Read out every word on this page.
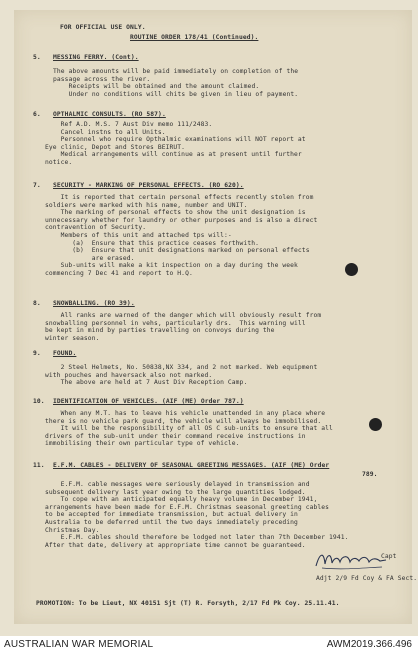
FOR OFFICIAL USE ONLY.
ROUTINE ORDER 178/41 (Continued).
5. MESSING FERRY. (Cont).
The above amounts will be paid immediately on completion of the
passage across the river.
Receipts will be obtained and the amount claimed.
Under no conditions will chits be given in lieu of payment.
6. OPTHALMIC CONSULTS. (RO 587).
Ref A.D. M.S. 7 Aust Div memo 111/2483.
Cancel instns to all Units.
Personnel who require Opthalmic examinations will NOT report at
Eye clinic, Depot and Stores BEIRUT.
Medical arrangements will continue as at present until further
notice.
7. SECURITY - MARKING OF PERSONAL EFFECTS. (RO 620).
It is reported that certain personal effects recently stolen from
soldiers were marked with his name, number and UNIT.
The marking of personal effects to show the unit designation is
unnecessary whether for laundry or other purposes and is also a direct
contravention of Security.
Members of this unit and attached tps will:-
(a)  Ensure that this practice ceases forthwith.
(b)  Ensure that unit designations marked on personal effects
are erased.
Sub-units will make a kit inspection on a day during the week
commencing 7 Dec 41 and report to H.Q.
8. SNOWBALLING. (RO 39).
All ranks are warned of the danger which will obviously result from
snowballing personnel in vehs, particularly drs.  This warning will
be kept in mind by parties travelling on convoys during the
winter season.
9. FOUND.
2 Steel Helmets, No. 50838,NX 334, and 2 not marked. Web equipment
with pouches and haversack also not marked.
The above are held at 7 Aust Div Reception Camp.
10. IDENTIFICATION OF VEHICLES. (AIF (ME) Order 787.)
When any M.T. has to leave his vehicle unattended in any place where
there is no vehicle park guard, the vehicle will always be immobilised.
It will be the responsibility of all OS C sub-units to ensure that all
drivers of the sub-unit under their command receive instructions in
immobilising their own particular type of vehicle.
11. E.F.M. CABLES - DELIVERY OF SEASONAL GREETING MESSAGES. (AIF (ME) Order
789.
E.F.M. cable messages were seriously delayed in transmission and
subsequent delivery last year owing to the large quantities lodged.
To cope with an anticipated equally heavy volume in December 1941,
arrangements have been made for E.F.M. Christmas seasonal greeting cables
to be accepted for immediate transmission, but actual delivery in
Australia to be deferred until the two days immediately preceding
Christmas Day.
E.F.M. cables should therefore be lodged not later than 7th December 1941.
After that date, delivery at appropriate time cannot be guaranteed.
Capt
Adjt 2/9 Fd Coy & FA Sect.
PROMOTION: To be Lieut, NX 40151 Sjt (T) R. Forsyth, 2/17 Fd Pk Coy. 25.11.41.
AUSTRALIAN WAR MEMORIAL	AWM2019.366.496
